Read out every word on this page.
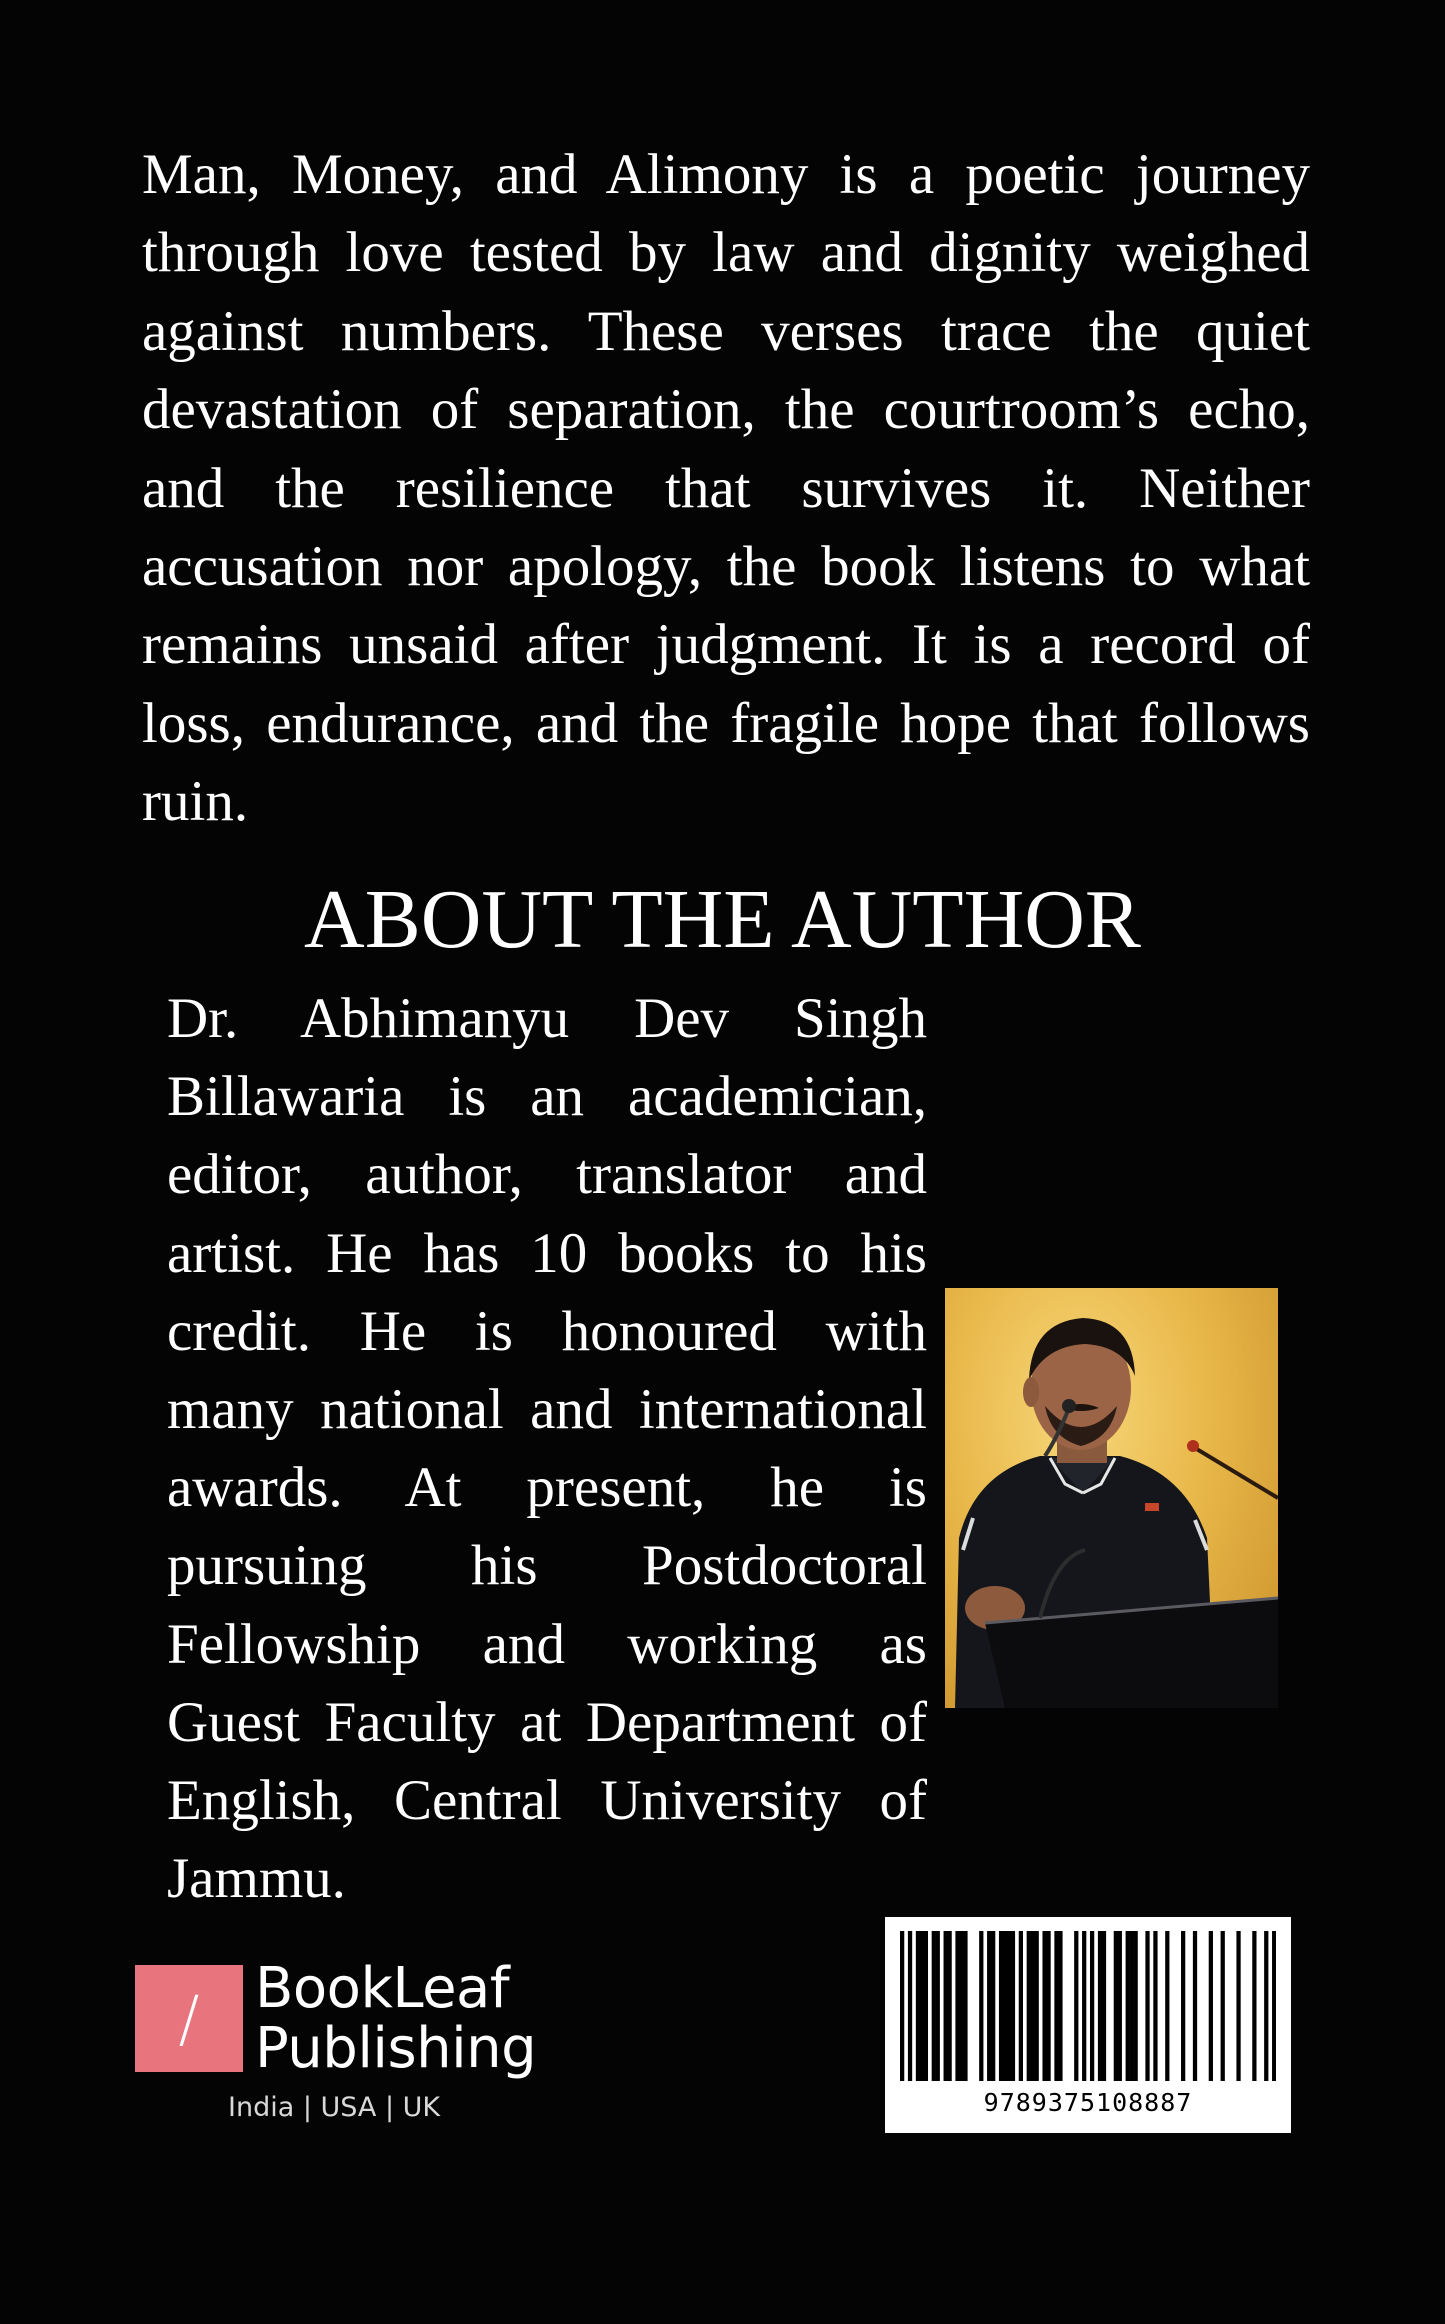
Man, Money, and Alimony is a poetic journey through love tested by law and dignity weighed against numbers. These verses trace the quiet devastation of separation, the courtroom’s echo, and the resilience that survives it. Neither accusation nor apology, the book listens to what remains unsaid after judgment. It is a record of loss, endurance, and the fragile hope that follows ruin.

ABOUT THE AUTHOR

Dr. Abhimanyu Dev Singh Billawaria is an academician, editor, author, translator and artist. He has 10 books to his credit. He is honoured with many national and international awards. At present, he is pursuing his Postdoctoral Fellowship and working as Guest Faculty at Department of English, Central University of Jammu.

/ BookLeaf
Publishing
India | USA | UK	9789375108887
